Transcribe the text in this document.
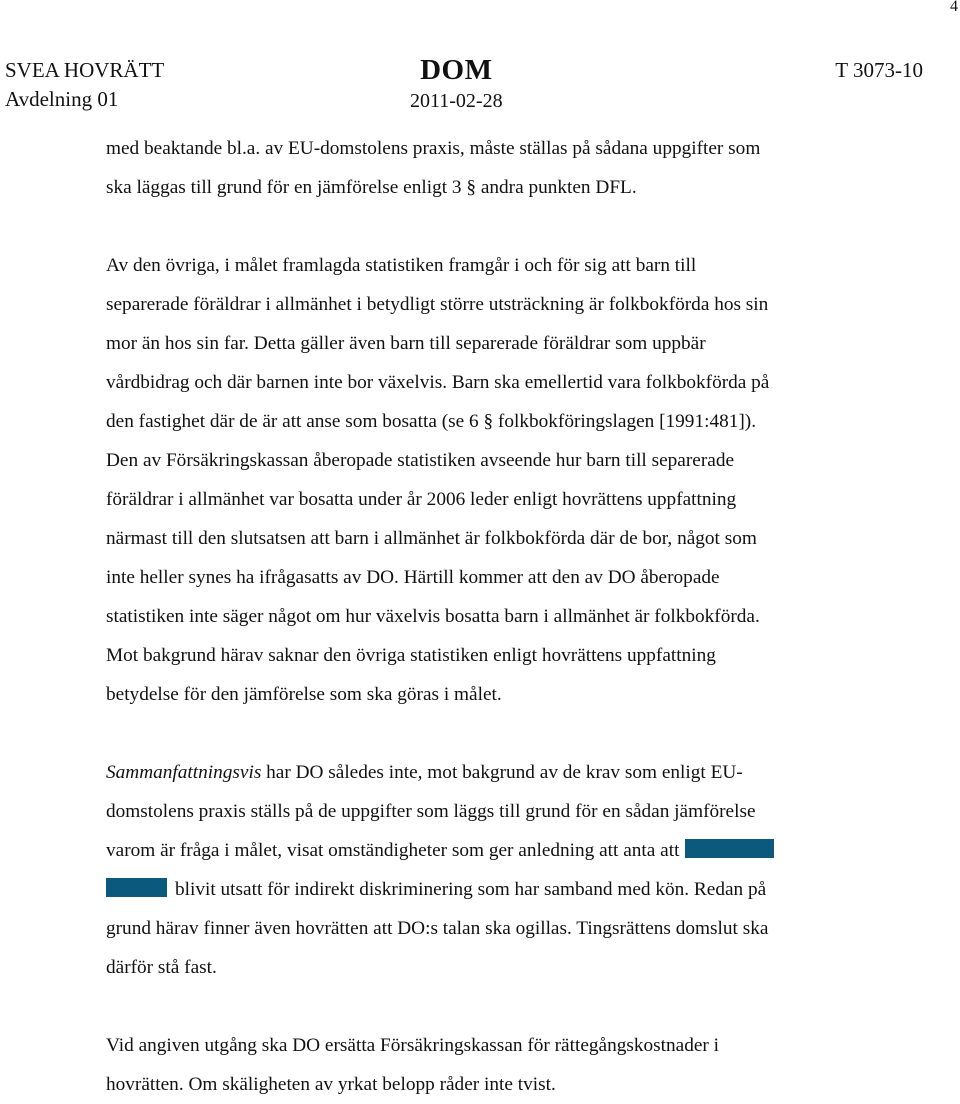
4
SVEA HOVRÄTT
Avdelning 01
DOM
2011-02-28
T 3073-10

med beaktande bl.a. av EU-domstolens praxis, måste ställas på sådana uppgifter som
ska läggas till grund för en jämförelse enligt 3 § andra punkten DFL.

Av den övriga, i målet framlagda statistiken framgår i och för sig att barn till
separerade föräldrar i allmänhet i betydligt större utsträckning är folkbokförda hos sin
mor än hos sin far. Detta gäller även barn till separerade föräldrar som uppbär
vårdbidrag och där barnen inte bor växelvis. Barn ska emellertid vara folkbokförda på
den fastighet där de är att anse som bosatta (se 6 § folkbokföringslagen [1991:481]).
Den av Försäkringskassan åberopade statistiken avseende hur barn till separerade
föräldrar i allmänhet var bosatta under år 2006 leder enligt hovrättens uppfattning
närmast till den slutsatsen att barn i allmänhet är folkbokförda där de bor, något som
inte heller synes ha ifrågasatts av DO. Härtill kommer att den av DO åberopade
statistiken inte säger något om hur växelvis bosatta barn i allmänhet är folkbokförda.
Mot bakgrund härav saknar den övriga statistiken enligt hovrättens uppfattning
betydelse för den jämförelse som ska göras i målet.

Sammanfattningsvis har DO således inte, mot bakgrund av de krav som enligt EU-
domstolens praxis ställs på de uppgifter som läggs till grund för en sådan jämförelse
varom är fråga i målet, visat omständigheter som ger anledning att anta att
blivit utsatt för indirekt diskriminering som har samband med kön. Redan på
grund härav finner även hovrätten att DO:s talan ska ogillas. Tingsrättens domslut ska
därför stå fast.

Vid angiven utgång ska DO ersätta Försäkringskassan för rättegångskostnader i
hovrätten. Om skäligheten av yrkat belopp råder inte tvist.
